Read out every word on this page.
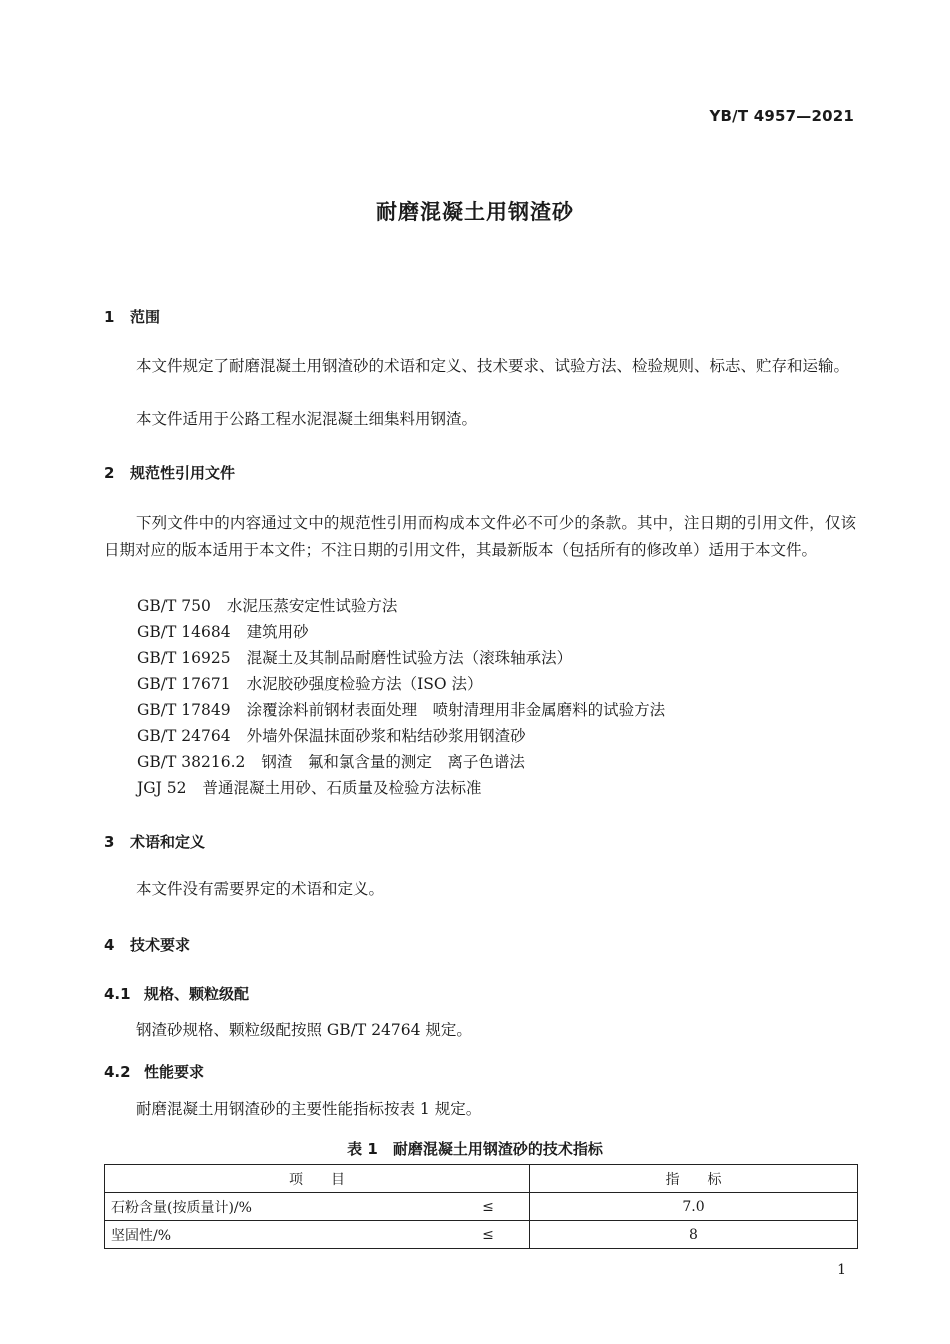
YB/T 4957—2021
耐磨混凝土用钢渣砂
1 范围
本文件规定了耐磨混凝土用钢渣砂的术语和定义、技术要求、试验方法、检验规则、标志、贮存和运输。
本文件适用于公路工程水泥混凝土细集料用钢渣。
2 规范性引用文件
下列文件中的内容通过文中的规范性引用而构成本文件必不可少的条款。其中，注日期的引用文件，仅该日期对应的版本适用于本文件；不注日期的引用文件，其最新版本（包括所有的修改单）适用于本文件。
GB/T 750 水泥压蒸安定性试验方法
GB/T 14684 建筑用砂
GB/T 16925 混凝土及其制品耐磨性试验方法（滚珠轴承法）
GB/T 17671 水泥胶砂强度检验方法（ISO 法）
GB/T 17849 涂覆涂料前钢材表面处理　喷射清理用非金属磨料的试验方法
GB/T 24764 外墙外保温抹面砂浆和粘结砂浆用钢渣砂
GB/T 38216.2 钢渣　氟和氯含量的测定　离子色谱法
JGJ 52 普通混凝土用砂、石质量及检验方法标准
3 术语和定义
本文件没有需要界定的术语和定义。
4 技术要求
4.1 规格、颗粒级配
钢渣砂规格、颗粒级配按照 GB/T 24764 规定。
4.2 性能要求
耐磨混凝土用钢渣砂的主要性能指标按表 1 规定。
表 1　耐磨混凝土用钢渣砂的技术指标
项　　目		指　　标
石粉含量(按质量计)/%	≤	7.0
坚固性/%	≤	8
1
